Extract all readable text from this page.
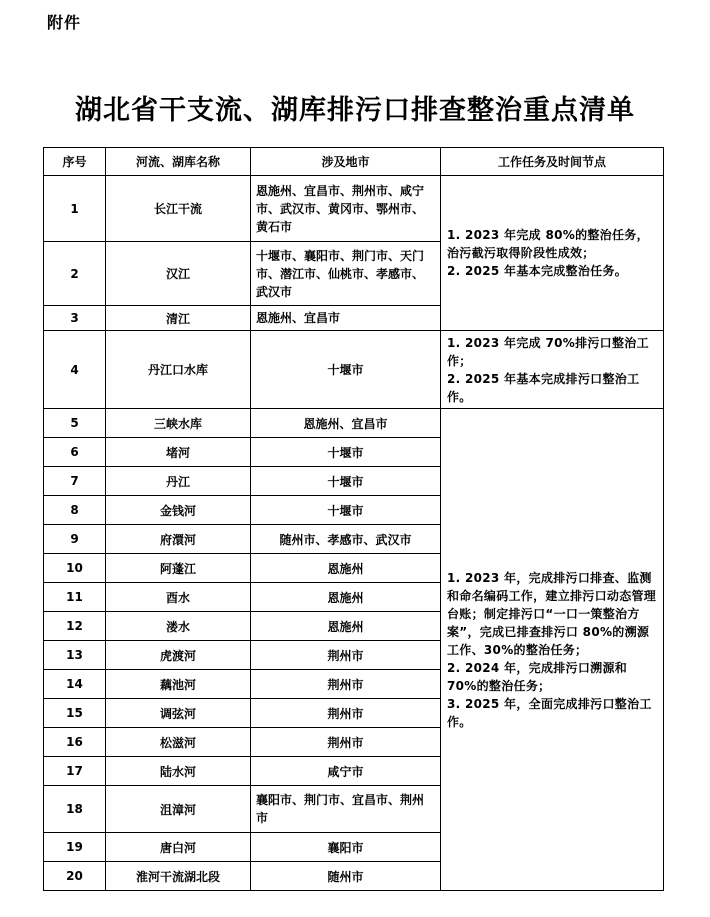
附件
湖北省干支流、湖库排污口排查整治重点清单
序号	河流、湖库名称	涉及地市	工作任务及时间节点
1	长江干流	恩施州、宜昌市、荆州市、咸宁市、武汉市、黄冈市、鄂州市、黄石市	1. 2023 年完成 80%的整治任务，治污截污取得阶段性成效；
2. 2025 年基本完成整治任务。

2	汉江	十堰市、襄阳市、荆门市、天门市、潜江市、仙桃市、孝感市、武汉市	
3	清江	恩施州、宜昌市	
4	丹江口水库	十堰市	1. 2023 年完成 70%排污口整治工作；
2. 2025 年基本完成排污口整治工作。

5	三峡水库	恩施州、宜昌市	1. 2023 年，完成排污口排查、监测和命名编码工作，建立排污口动态管理台账；制定排污口“一口一策整治方案”，完成已排查排污口 80%的溯源工作、30%的整治任务；
2. 2024 年，完成排污口溯源和 70%的整治任务；
3. 2025 年，全面完成排污口整治工作。

6	堵河	十堰市	
7	丹江	十堰市	
8	金钱河	十堰市	
9	府澴河	随州市、孝感市、武汉市	
10	阿蓬江	恩施州	
11	酉水	恩施州	
12	溇水	恩施州	
13	虎渡河	荆州市	
14	藕池河	荆州市	
15	调弦河	荆州市	
16	松滋河	荆州市	
17	陆水河	咸宁市	
18	沮漳河	襄阳市、荆门市、宜昌市、荆州市	
19	唐白河	襄阳市	
20	淮河干流湖北段	随州市	
